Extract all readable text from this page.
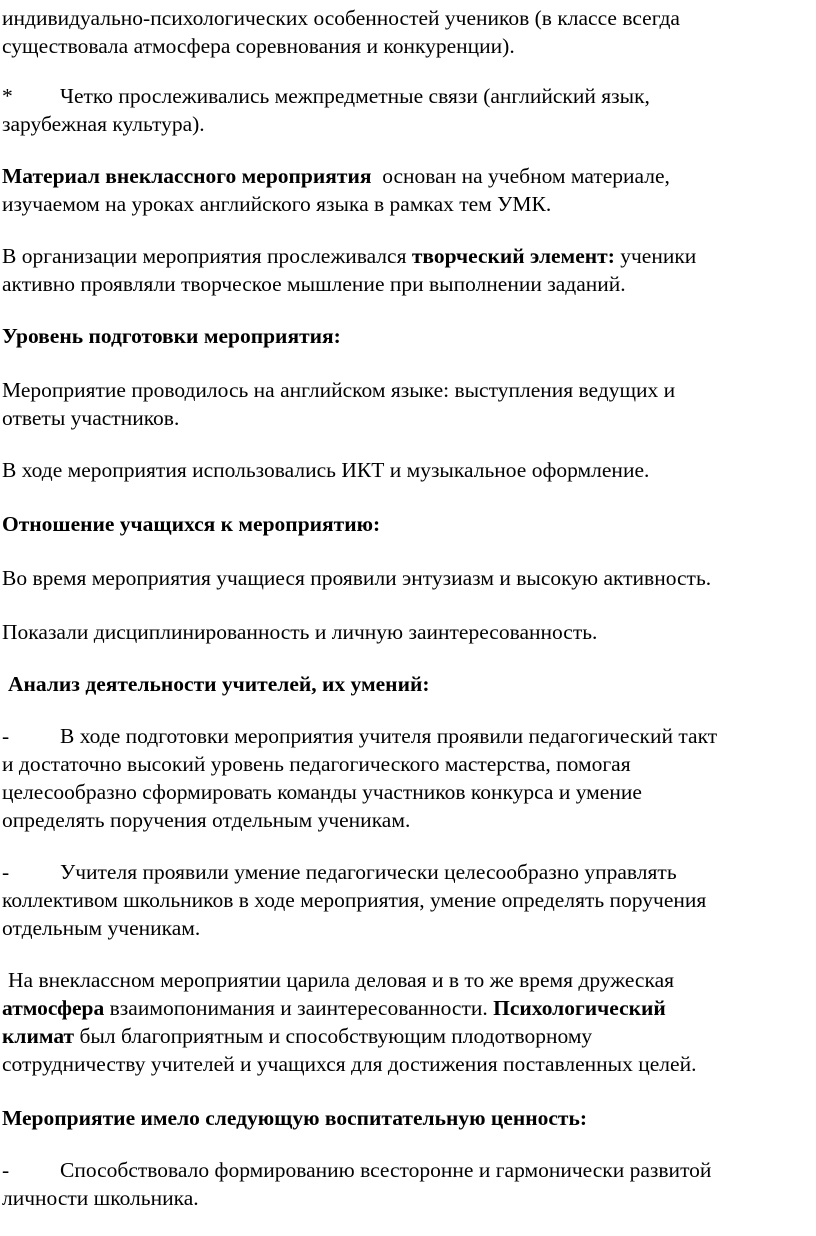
индивидуально-психологических особенностей учеников (в классе всегда
существовала атмосфера соревнования и конкуренции).

* Четко прослеживались межпредметные связи (английский язык,
зарубежная культура).

Материал внеклассного мероприятия  основан на учебном материале,
изучаемом на уроках английского языка в рамках тем УМК.

В организации мероприятия прослеживался творческий элемент: ученики
активно проявляли творческое мышление при выполнении заданий.

Уровень подготовки мероприятия:

Мероприятие проводилось на английском языке: выступления ведущих и
ответы участников.

В ходе мероприятия использовались ИКТ и музыкальное оформление.

Отношение учащихся к мероприятию:

Во время мероприятия учащиеся проявили энтузиазм и высокую активность.

Показали дисциплинированность и личную заинтересованность.

Анализ деятельности учителей, их умений:

- В ходе подготовки мероприятия учителя проявили педагогический такт
и достаточно высокий уровень педагогического мастерства, помогая
целесообразно сформировать команды участников конкурса и умение
определять поручения отдельным ученикам.

- Учителя проявили умение педагогически целесообразно управлять
коллективом школьников в ходе мероприятия, умение определять поручения
отдельным ученикам.

На внеклассном мероприятии царила деловая и в то же время дружеская

атмосфера взаимопонимания и заинтересованности. Психологический
климат был благоприятным и способствующим плодотворному
сотрудничеству учителей и учащихся для достижения поставленных целей.

Мероприятие имело следующую воспитательную ценность:

- Способствовало формированию всесторонне и гармонически развитой
личности школьника.
